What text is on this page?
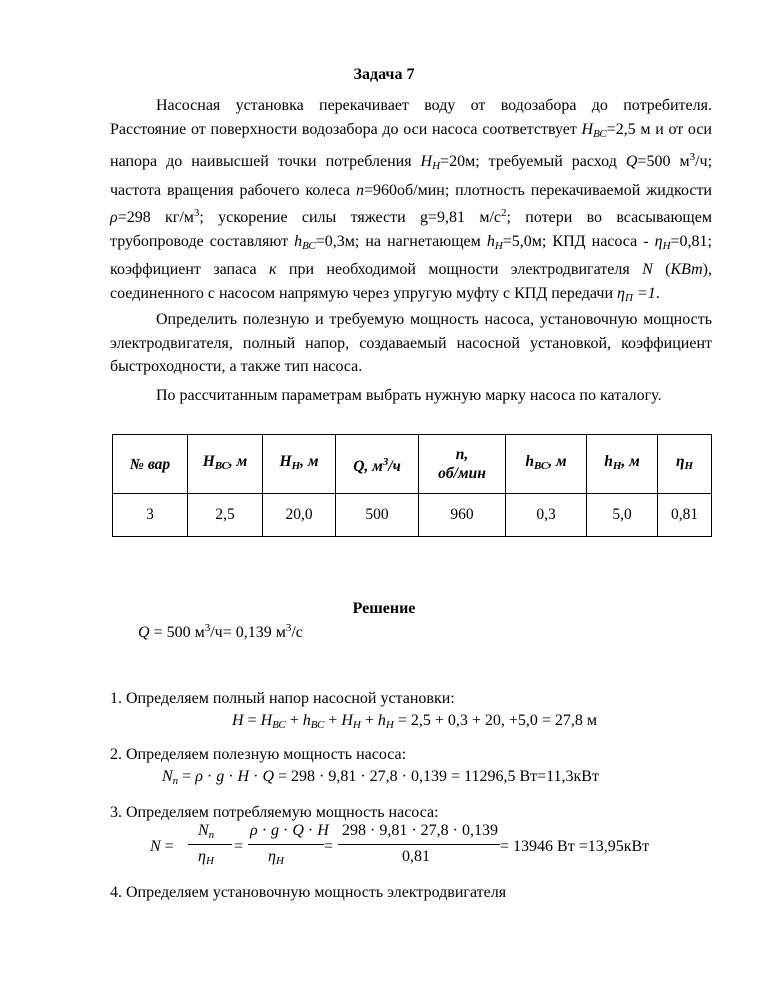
Задача 7

Насосная установка перекачивает воду от водозабора до потребителя. Расстояние от поверхности водозабора до оси насоса соответствует $H_{ВС}=2,5$ м и от оси напора до наивысшей точки потребления $H_Н=20м$; требуемый расход Q=500 $м^3/ч$; частота вращения рабочего колеса n=960об/мин; плотность перекачиваемой жидкости ρ=298 $кг/м^3$; ускорение силы тяжести g=9,81 $м/с^2$; потери во всасывающем трубопроводе составляют $h_{ВС}=0,3м$; на нагнетающем $h_Н=5,0м$; КПД насоса - $\eta_Н=0,81$; коэффициент запаса к при необходимой мощности электродвигателя N (КВт), соединенного с насосом напрямую через упругую муфту с КПД передачи $\eta_П =1$.

Определить полезную и требуемую мощность насоса, установочную мощность электродвигателя, полный напор, создаваемый насосной установкой, коэффициент быстроходности, а также тип насоса.

По рассчитанным параметрам выбрать нужную марку насоса по каталогу.

№ вар	$H_{ВС}$, м	$H_Н$, м	Q, $м^3/ч$	n,
об/мин	$h_{ВС}$, м	$h_Н$, м	$\eta_Н$
3	2,5	20,0	500	960	0,3	5,0	0,81
Решение
Q = 500 $м^3/ч= 0,139$ $м^3/с$
1. Определяем полный напор насосной установки:
$H = H_{ВС} + h_{ВС} + H_Н + h_Н = 2,5 + 0,3 + 20$, +5,0 = 27,8 м
2. Определяем полезную мощность насоса:
$N_п = \rho \cdot g \cdot H \cdot Q = 298 \cdot 9,81 \cdot 27,8 \cdot 0,139 = 11296,5$ Вт=11,3кВт
3. Определяем потребляемую мощность насоса:
N =
$N_п$
$\eta_Н$
=
ρ · g · Q · H
$\eta_Н$
=
298 · 9,81 · 27,8 · 0,139
0,81
= 13946 Вт =13,95кВт
4. Определяем установочную мощность электродвигателя
